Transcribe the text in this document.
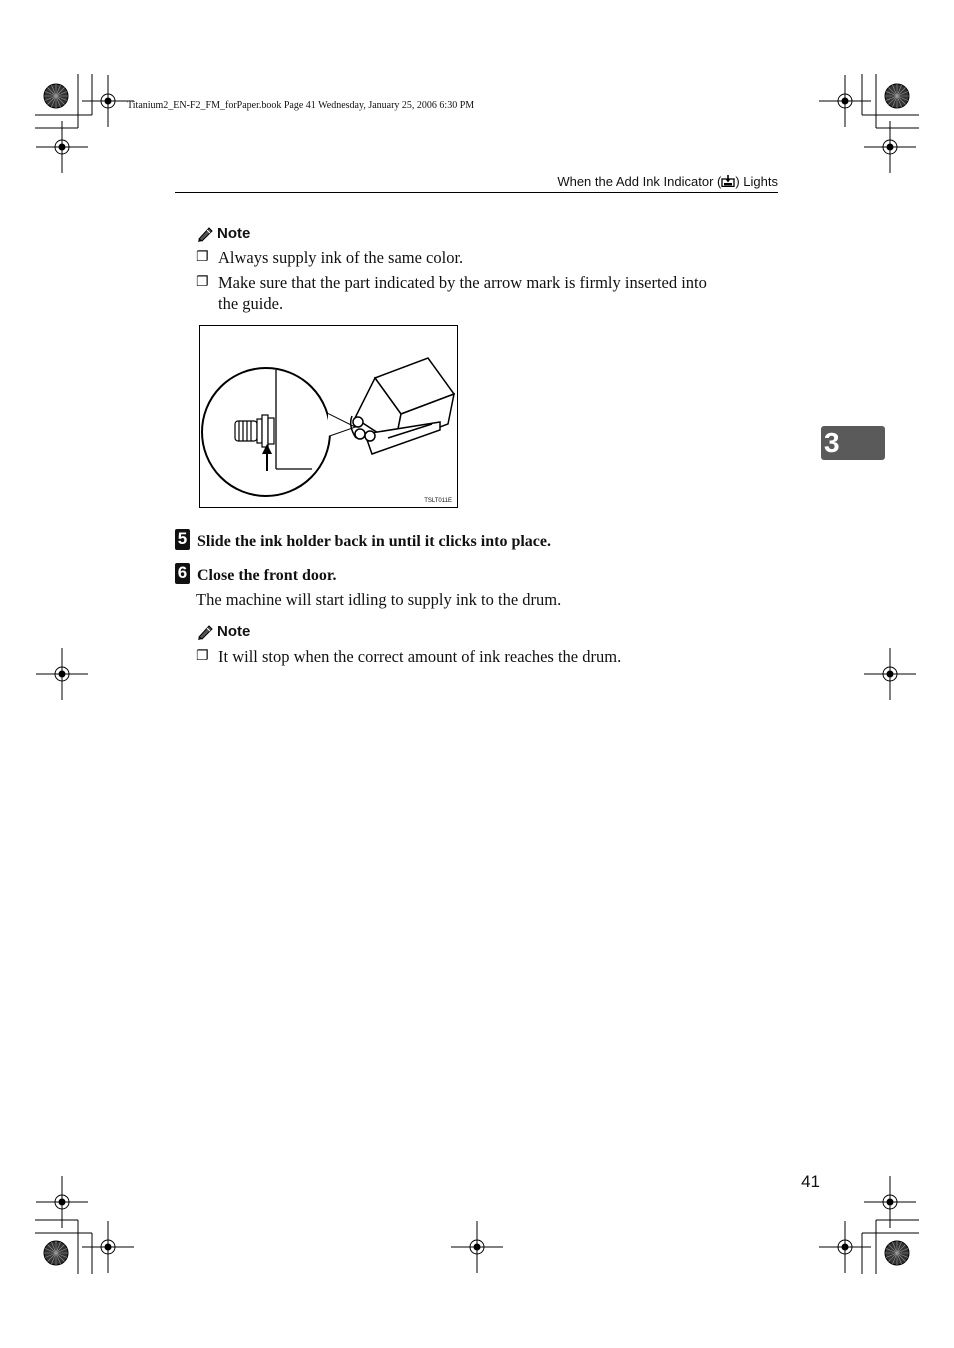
Titanium2_EN-F2_FM_forPaper.book Page 41 Wednesday, January 25, 2006 6:30 PM
When the Add Ink Indicator ( ) Lights
Note
❐ Always supply ink of the same color.
❐ Make sure that the part indicated by the arrow mark is firmly inserted into
the guide.
TSLT011E
5 Slide the ink holder back in until it clicks into place.
6 Close the front door.
The machine will start idling to supply ink to the drum.
Note
❐ It will stop when the correct amount of ink reaches the drum.
3
41
